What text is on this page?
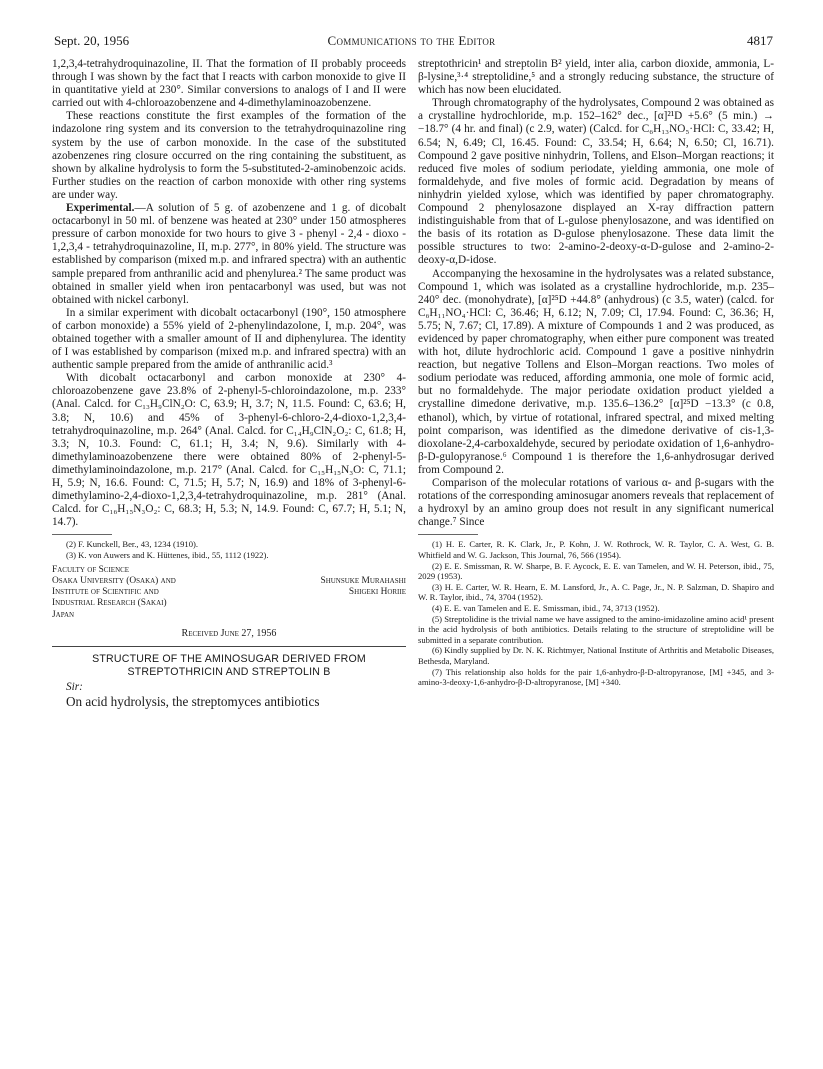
Sept. 20, 1956	Communications to the Editor	4817

1,2,3,4-tetrahydroquinazoline, II. That the formation of II probably proceeds through I was shown by the fact that I reacts with carbon monoxide to give II in quantitative yield at 230°. Similar conversions to analogs of I and II were carried out with 4-chloroazobenzene and 4-dimethylaminoazobenzene.

These reactions constitute the first examples of the formation of the indazolone ring system and its conversion to the tetrahydroquinazoline ring system by the use of carbon monoxide. In the case of the substituted azobenzenes ring closure occurred on the ring containing the substituent, as shown by alkaline hydrolysis to form the 5-substituted-2-aminobenzoic acids. Further studies on the reaction of carbon monoxide with other ring systems are under way.

Experimental.—A solution of 5 g. of azobenzene and 1 g. of dicobalt octacarbonyl in 50 ml. of benzene was heated at 230° under 150 atmospheres pressure of carbon monoxide for two hours to give 3 - phenyl - 2,4 - dioxo - 1,2,3,4 - tetrahydroquinazoline, II, m.p. 277°, in 80% yield. The structure was established by comparison (mixed m.p. and infrared spectra) with an authentic sample prepared from anthranilic acid and phenylurea.² The same product was obtained in smaller yield when iron pentacarbonyl was used, but was not obtained with nickel carbonyl.

In a similar experiment with dicobalt octacarbonyl (190°, 150 atmosphere of carbon monoxide) a 55% yield of 2-phenylindazolone, I, m.p. 204°, was obtained together with a smaller amount of II and diphenylurea. The identity of I was established by comparison (mixed m.p. and infrared spectra) with an authentic sample prepared from the amide of anthranilic acid.³

With dicobalt octacarbonyl and carbon monoxide at 230° 4-chloroazobenzene gave 23.8% of 2-phenyl-5-chloroindazolone, m.p. 233° (Anal. Calcd. for C₁₃H₉ClN₂O: C, 63.9; H, 3.7; N, 11.5. Found: C, 63.6; H, 3.8; N, 10.6) and 45% of 3-phenyl-6-chloro-2,4-dioxo-1,2,3,4-tetrahydroquinazoline, m.p. 264° (Anal. Calcd. for C₁₄H₉ClN₂O₂: C, 61.8; H, 3.3; N, 10.3. Found: C, 61.1; H, 3.4; N, 9.6). Similarly with 4-dimethylaminoazobenzene there were obtained 80% of 2-phenyl-5-dimethylaminoindazolone, m.p. 217° (Anal. Calcd. for C₁₅H₁₅N₃O: C, 71.1; H, 5.9; N, 16.6. Found: C, 71.5; H, 5.7; N, 16.9) and 18% of 3-phenyl-6-dimethylamino-2,4-dioxo-1,2,3,4-tetrahydroquinazoline, m.p. 281° (Anal. Calcd. for C₁₆H₁₅N₃O₂: C, 68.3; H, 5.3; N, 14.9. Found: C, 67.7; H, 5.1; N, 14.7).

(2) F. Kunckell, Ber., 43, 1234 (1910).

(3) K. von Auwers and K. Hüttenes, ibid., 55, 1112 (1922).

Faculty of Science
Osaka University (Osaka) and	Shunsuke Murahashi
Institute of Scientific and	Shigeki Horiie
Industrial Research (Sakai)
Japan
Received June 27, 1956
STRUCTURE OF THE AMINOSUGAR DERIVED FROM STREPTOTHRICIN AND STREPTOLIN B

Sir:

On acid hydrolysis, the streptomyces antibiotics

streptothricin¹ and streptolin B² yield, inter alia, carbon dioxide, ammonia, L-β-lysine,³·⁴ streptolidine,⁵ and a strongly reducing substance, the structure of which has now been elucidated.

Through chromatography of the hydrolysates, Compound 2 was obtained as a crystalline hydrochloride, m.p. 152–162° dec., [α]²¹D +5.6° (5 min.) → −18.7° (4 hr. and final) (c 2.9, water) (Calcd. for C₆H₁₃NO₅·HCl: C, 33.42; H, 6.54; N, 6.49; Cl, 16.45. Found: C, 33.54; H, 6.64; N, 6.50; Cl, 16.71). Compound 2 gave positive ninhydrin, Tollens, and Elson–Morgan reactions; it reduced five moles of sodium periodate, yielding ammonia, one mole of formaldehyde, and five moles of formic acid. Degradation by means of ninhydrin yielded xylose, which was identified by paper chromatography. Compound 2 phenylosazone displayed an X-ray diffraction pattern indistinguishable from that of L-gulose phenylosazone, and was identified on the basis of its rotation as D-gulose phenylosazone. These data limit the possible structures to two: 2-amino-2-deoxy-α-D-gulose and 2-amino-2-deoxy-α,D-idose.

Accompanying the hexosamine in the hydrolysates was a related substance, Compound 1, which was isolated as a crystalline hydrochloride, m.p. 235–240° dec. (monohydrate), [α]²⁵D +44.8° (anhydrous) (c 3.5, water) (calcd. for C₆H₁₁NO₄·HCl: C, 36.46; H, 6.12; N, 7.09; Cl, 17.94. Found: C, 36.36; H, 5.75; N, 7.67; Cl, 17.89). A mixture of Compounds 1 and 2 was produced, as evidenced by paper chromatography, when either pure component was treated with hot, dilute hydrochloric acid. Compound 1 gave a positive ninhydrin reaction, but negative Tollens and Elson–Morgan reactions. Two moles of sodium periodate was reduced, affording ammonia, one mole of formic acid, but no formaldehyde. The major periodate oxidation product yielded a crystalline dimedone derivative, m.p. 135.6–136.2° [α]²⁵D −13.3° (c 0.8, ethanol), which, by virtue of rotational, infrared spectral, and mixed melting point comparison, was identified as the dimedone derivative of cis-1,3-dioxolane-2,4-carboxaldehyde, secured by periodate oxidation of 1,6-anhydro-β-D-gulopyranose.⁶ Compound 1 is therefore the 1,6-anhydrosugar derived from Compound 2.

Comparison of the molecular rotations of various α- and β-sugars with the rotations of the corresponding aminosugar anomers reveals that replacement of a hydroxyl by an amino group does not result in any significant numerical change.⁷ Since

(1) H. E. Carter, R. K. Clark, Jr., P. Kohn, J. W. Rothrock, W. R. Taylor, C. A. West, G. B. Whitfield and W. G. Jackson, This Journal, 76, 566 (1954).

(2) E. E. Smissman, R. W. Sharpe, B. F. Aycock, E. E. van Tamelen, and W. H. Peterson, ibid., 75, 2029 (1953).

(3) H. E. Carter, W. R. Hearn, E. M. Lansford, Jr., A. C. Page, Jr., N. P. Salzman, D. Shapiro and W. R. Taylor, ibid., 74, 3704 (1952).

(4) E. E. van Tamelen and E. E. Smissman, ibid., 74, 3713 (1952).

(5) Streptolidine is the trivial name we have assigned to the amino-imidazoline amino acid¹ present in the acid hydrolysis of both antibiotics. Details relating to the structure of streptolidine will be submitted in a separate contribution.

(6) Kindly supplied by Dr. N. K. Richtmyer, National Institute of Arthritis and Metabolic Diseases, Bethesda, Maryland.

(7) This relationship also holds for the pair 1,6-anhydro-β-D-altropyranose, [M] +345, and 3-amino-3-deoxy-1,6-anhydro-β-D-altropyranose, [M] +340.
